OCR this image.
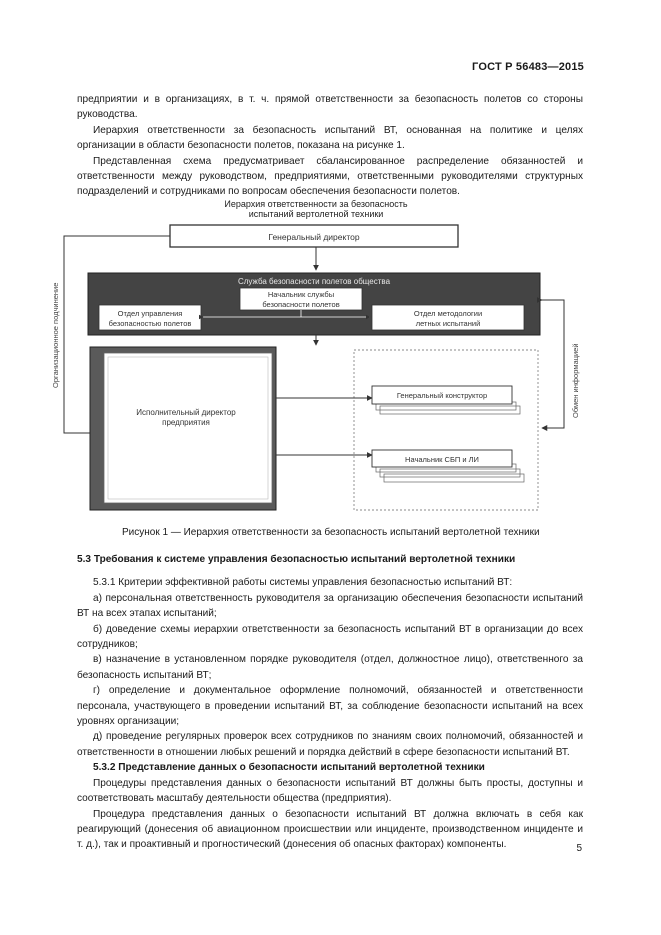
ГОСТ Р 56483—2015

предприятии и в организациях, в т. ч. прямой ответственности за безопасность полетов со стороны руководства.

Иерархия ответственности за безопасность испытаний ВТ, основанная на политике и целях организации в области безопасности полетов, показана на рисунке 1.

Представленная схема предусматривает сбалансированное распределение обязанностей и ответственности между руководством, предприятиями, ответственными руководителями структурных подразделений и сотрудниками по вопросам обеспечения безопасности полетов.

Иерархия ответственности за безопасность
испытаний вертолетной техники
Генеральный директор
Служба безопасности полетов общества
Начальник службы
безопасности полетов
Отдел управления
безопасностью полетов
Отдел методологии
летных испытаний
Организационное подчинение
Исполнительный директор
предприятия
Генеральный конструктор
Начальник СБП и ЛИ
Обмен информацией
Рисунок 1 — Иерархия ответственности за безопасность испытаний вертолетной техники

5.3 Требования к системе управления безопасностью испытаний вертолетной техники

5.3.1 Критерии эффективной работы системы управления безопасностью испытаний ВТ:

а) персональная ответственность руководителя за организацию обеспечения безопасности испытаний ВТ на всех этапах испытаний;

б) доведение схемы иерархии ответственности за безопасность испытаний ВТ в организации до всех сотрудников;

в) назначение в установленном порядке руководителя (отдел, должностное лицо), ответственного за безопасность испытаний ВТ;

г) определение и документальное оформление полномочий, обязанностей и ответственности персонала, участвующего в проведении испытаний ВТ, за соблюдение безопасности испытаний на всех уровнях организации;

д) проведение регулярных проверок всех сотрудников по знаниям своих полномочий, обязанностей и ответственности в отношении любых решений и порядка действий в сфере безопасности испытаний ВТ.

5.3.2 Представление данных о безопасности испытаний вертолетной техники

Процедуры представления данных о безопасности испытаний ВТ должны быть просты, доступны и соответствовать масштабу деятельности общества (предприятия).

Процедура представления данных о безопасности испытаний ВТ должна включать в себя как реагирующий (донесения об авиационном происшествии или инциденте, производственном инциденте и т. д.), так и проактивный и прогностический (донесения об опасных факторах) компоненты.	5
